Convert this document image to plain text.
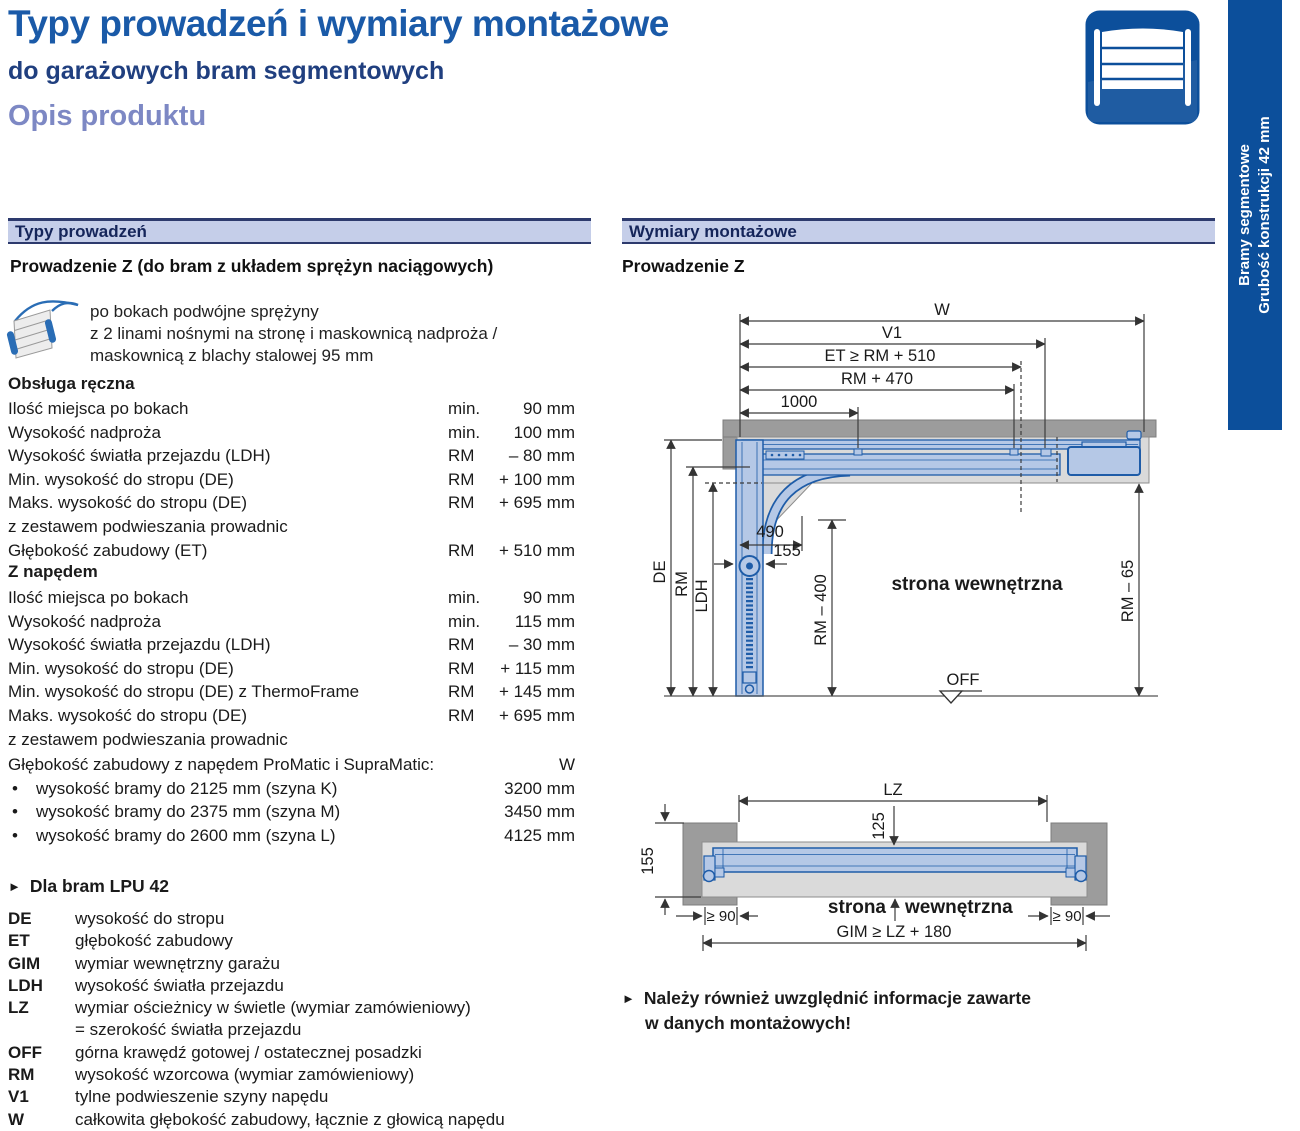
Typy prowadzeń i wymiary montażowe
do garażowych bram segmentowych
Opis produktu
Bramy segmentowe Grubość konstrukcji 42 mm
Typy prowadzeń	Wymiary montażowe
Prowadzenie Z (do bram z układem sprężyn naciągowych)	Prowadzenie Z
po bokach podwójne sprężyny
z 2 linami nośnymi na stronę i maskownicą nadproża /
maskownicą z blachy stalowej 95 mm
Obsługa ręczna
Ilość miejsca po bokach	min.	90 mm
Wysokość nadproża	min. 100 mm
Wysokość światła przejazdu (LDH)	RM – 80 mm
Min. wysokość do stropu (DE)	RM + 100 mm
Maks. wysokość do stropu (DE)	RM + 695 mm
z zestawem podwieszania prowadnic
Głębokość zabudowy (ET)	RM + 510 mm
Z napędem
Ilość miejsca po bokach	min.	90 mm
Wysokość nadproża	min. 115 mm
Wysokość światła przejazdu (LDH)	RM – 30 mm
Min. wysokość do stropu (DE)	RM + 115 mm
Min. wysokość do stropu (DE) z ThermoFrame	RM + 145 mm
Maks. wysokość do stropu (DE)	RM + 695 mm
z zestawem podwieszania prowadnic
Głębokość zabudowy z napędem ProMatic i SupraMatic:	W
• wysokość bramy do 2125 mm (szyna K)	3200 mm
• wysokość bramy do 2375 mm (szyna M)	3450 mm
• wysokość bramy do 2600 mm (szyna L)	4125 mm
► Dla bram LPU 42
DE	wysokość do stropu
ET	głębokość zabudowy
GIM	wymiar wewnętrzny garażu
LDH	wysokość światła przejazdu
LZ	wymiar ościeżnicy w świetle (wymiar zamówieniowy)
= szerokość światła przejazdu
OFF	górna krawędź gotowej / ostatecznej posadzki
RM	wysokość wzorcowa (wymiar zamówieniowy)
V1	tylne podwieszenie szyny napędu
W	całkowita głębokość zabudowy, łącznie z głowicą napędu
W
V1
ET ≥ RM + 510
RM + 470
1000
490
155
DE RM LDH	RM – 400	RM – 65
strona wewnętrzna
OFF
LZ
125
155
strona wewnętrzna
≥ 90	≥ 90
GIM ≥ LZ + 180
► Należy również uwzględnić informacje zawarte
w danych montażowych!
